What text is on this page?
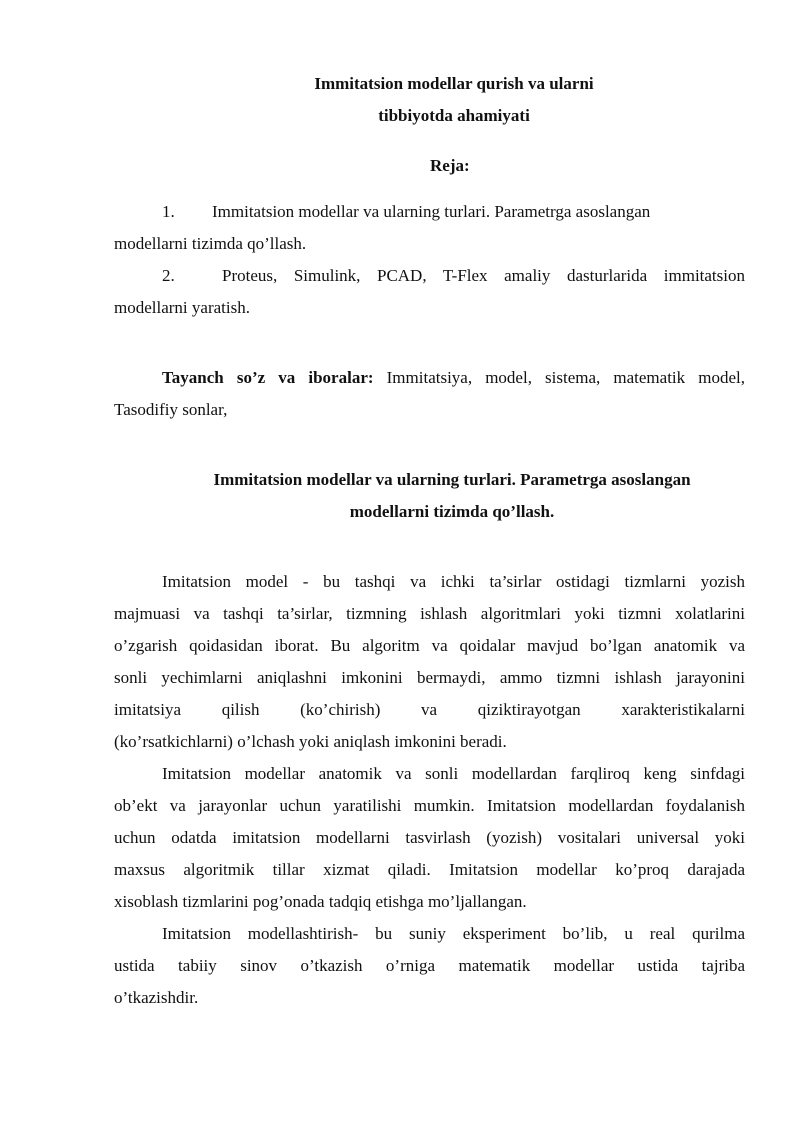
Immitatsion modellar qurish va ularni
tibbiyotda ahamiyati
Reja:
1. Immitatsion modellar va ularning turlari. Parametrga asoslangan
modellarni tizimda qo’llash.
2.	Proteus, Simulink, PCAD, T-Flex amaliy dasturlarida immitatsion
modellarni yaratish.
Tayanch so’z va iboralar: Immitatsiya, model, sistema, matematik model,
Tasodifiy sonlar,
Immitatsion modellar va ularning turlari. Parametrga asoslangan
modellarni tizimda qo’llash.
Imitatsion model - bu tashqi va ichki ta’sirlar ostidagi tizmlarni yozish
majmuasi va tashqi ta’sirlar, tizmning ishlash algoritmlari yoki tizmni xolatlarini
o’zgarish qoidasidan iborat. Bu algoritm va qoidalar mavjud bo’lgan anatomik va
sonli yechimlarni aniqlashni imkonini bermaydi, ammo tizmni ishlash jarayonini
imitatsiya qilish (ko’chirish) va qiziktirayotgan xarakteristikalarni
(ko’rsatkichlarni) o’lchash yoki aniqlash imkonini beradi.
Imitatsion modellar anatomik va sonli modellardan farqliroq keng sinfdagi
ob’ekt va jarayonlar uchun yaratilishi mumkin. Imitatsion modellardan foydalanish
uchun odatda imitatsion modellarni tasvirlash (yozish) vositalari universal yoki
maxsus algoritmik tillar xizmat qiladi. Imitatsion modellar ko’proq darajada
xisoblash tizmlarini pog’onada tadqiq etishga mo’ljallangan.
Imitatsion modellashtirish- bu suniy eksperiment bo’lib, u real qurilma
ustida tabiiy sinov o’tkazish o’rniga matematik modellar ustida tajriba
o’tkazishdir.
